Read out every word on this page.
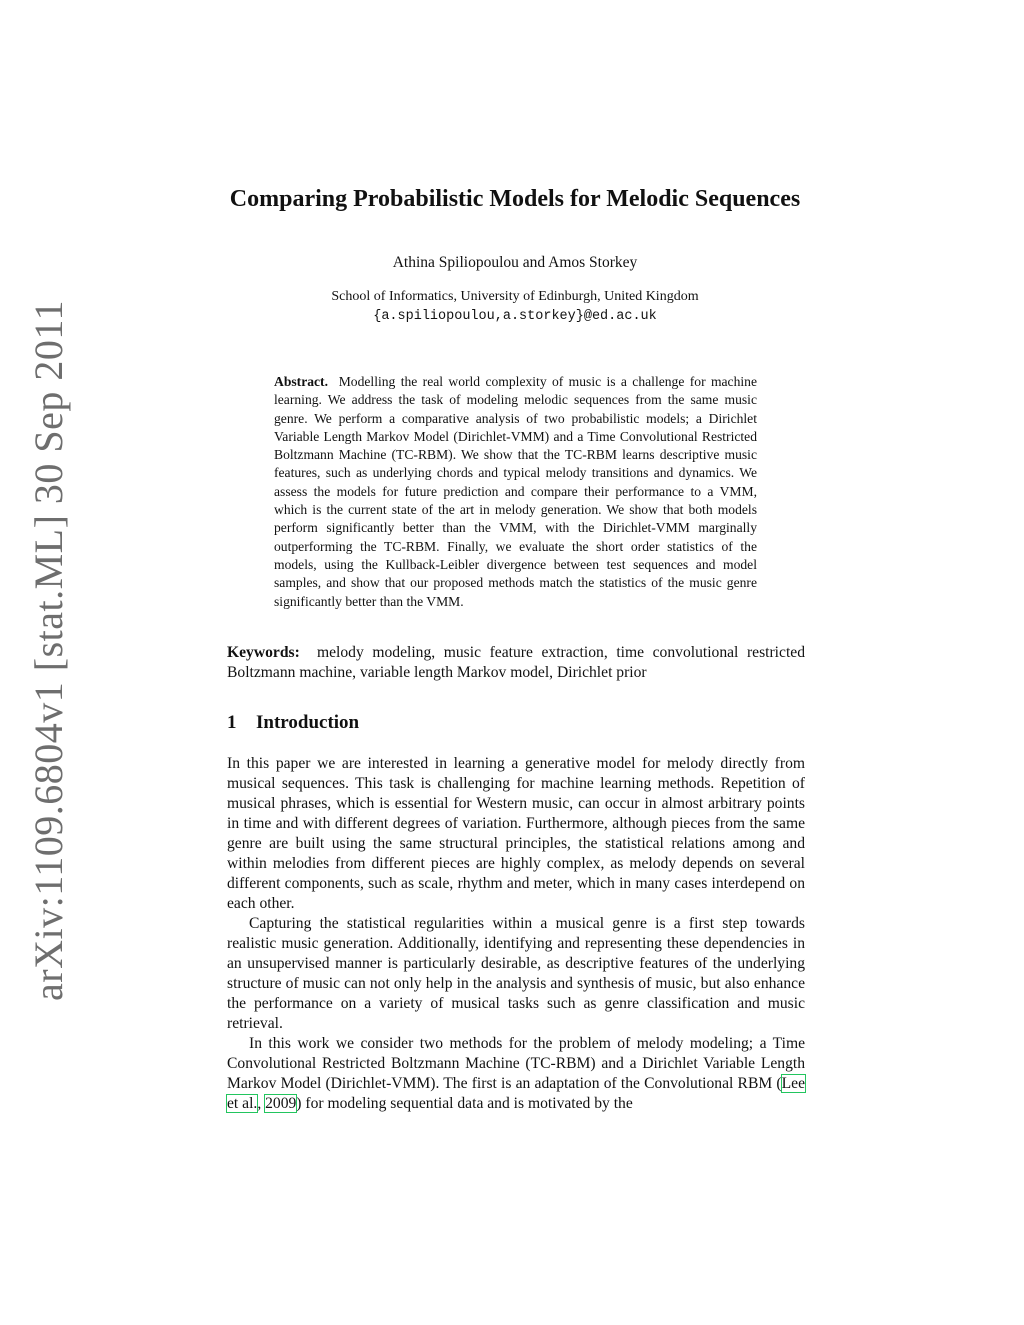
arXiv:1109.6804v1 [stat.ML] 30 Sep 2011
Comparing Probabilistic Models for Melodic Sequences
Athina Spiliopoulou and Amos Storkey
School of Informatics, University of Edinburgh, United Kingdom
{a.spiliopoulou,a.storkey}@ed.ac.uk

Abstract. Modelling the real world complexity of music is a challenge for machine learning. We address the task of modeling melodic sequences from the same music genre. We perform a comparative analysis of two probabilistic models; a Dirichlet Variable Length Markov Model (Dirichlet-VMM) and a Time Convolutional Restricted Boltzmann Machine (TC-RBM). We show that the TC-RBM learns descriptive music features, such as underlying chords and typical melody transitions and dynamics. We assess the models for future prediction and compare their performance to a VMM, which is the current state of the art in melody generation. We show that both models perform significantly better than the VMM, with the Dirichlet-VMM marginally outperforming the TC-RBM. Finally, we evaluate the short order statistics of the models, using the Kullback-Leibler divergence between test sequences and model samples, and show that our proposed methods match the statistics of the music genre significantly better than the VMM.

Keywords: melody modeling, music feature extraction, time convolutional restricted Boltzmann machine, variable length Markov model, Dirichlet prior

1 Introduction

In this paper we are interested in learning a generative model for melody directly from musical sequences. This task is challenging for machine learning methods. Repetition of musical phrases, which is essential for Western music, can occur in almost arbitrary points in time and with different degrees of variation. Furthermore, although pieces from the same genre are built using the same structural principles, the statistical relations among and within melodies from different pieces are highly complex, as melody depends on several different components, such as scale, rhythm and meter, which in many cases interdepend on each other.

Capturing the statistical regularities within a musical genre is a first step towards realistic music generation. Additionally, identifying and representing these dependencies in an unsupervised manner is particularly desirable, as descriptive features of the underlying structure of music can not only help in the analysis and synthesis of music, but also enhance the performance on a variety of musical tasks such as genre classification and music retrieval.

In this work we consider two methods for the problem of melody modeling; a Time Convolutional Restricted Boltzmann Machine (TC-RBM) and a Dirichlet Variable Length Markov Model (Dirichlet-VMM). The first is an adaptation of the Convolutional RBM (Lee et al., 2009) for modeling sequential data and is motivated by the
